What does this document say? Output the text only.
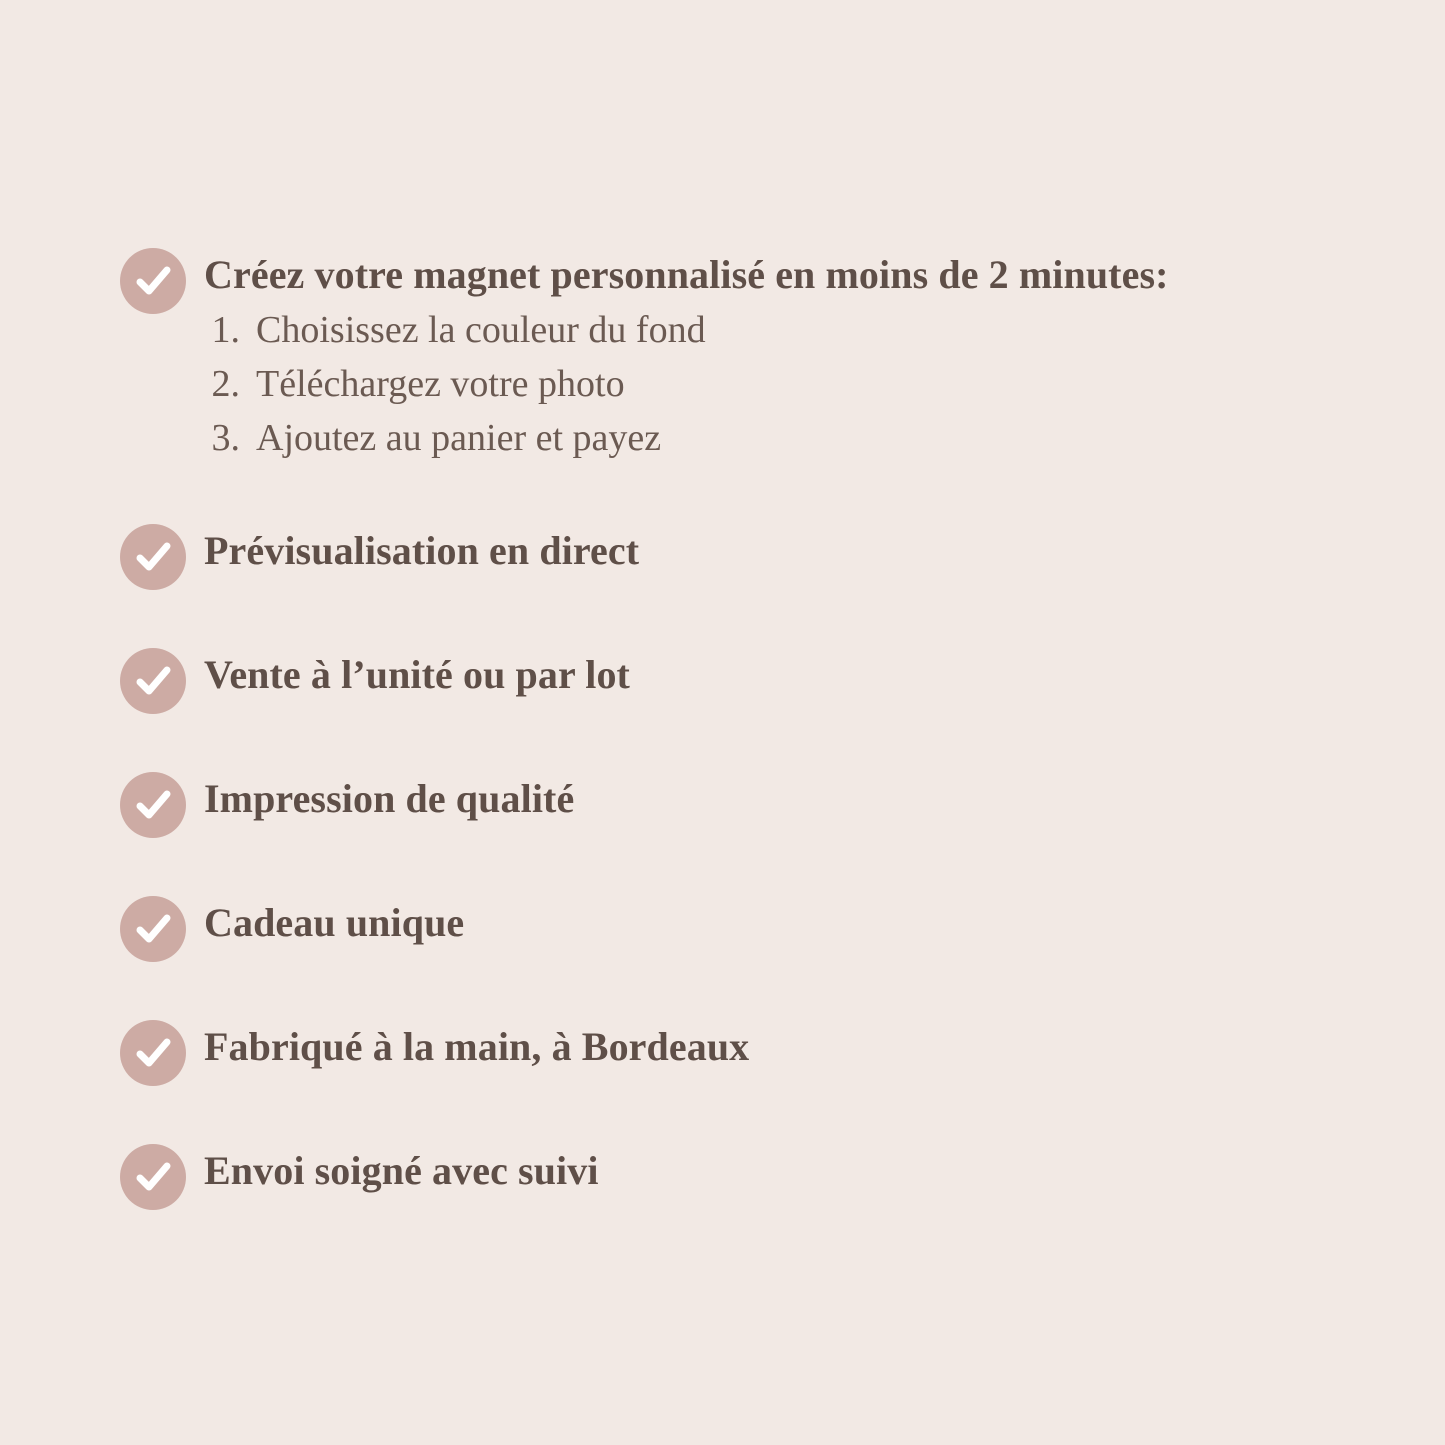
Créez votre magnet personnalisé en moins de 2 minutes:

1. Choisissez la couleur du fond
2. Téléchargez votre photo
3. Ajoutez au panier et payez

Prévisualisation en direct

Vente à l’unité ou par lot

Impression de qualité

Cadeau unique

Fabriqué à la main, à Bordeaux

Envoi soigné avec suivi
